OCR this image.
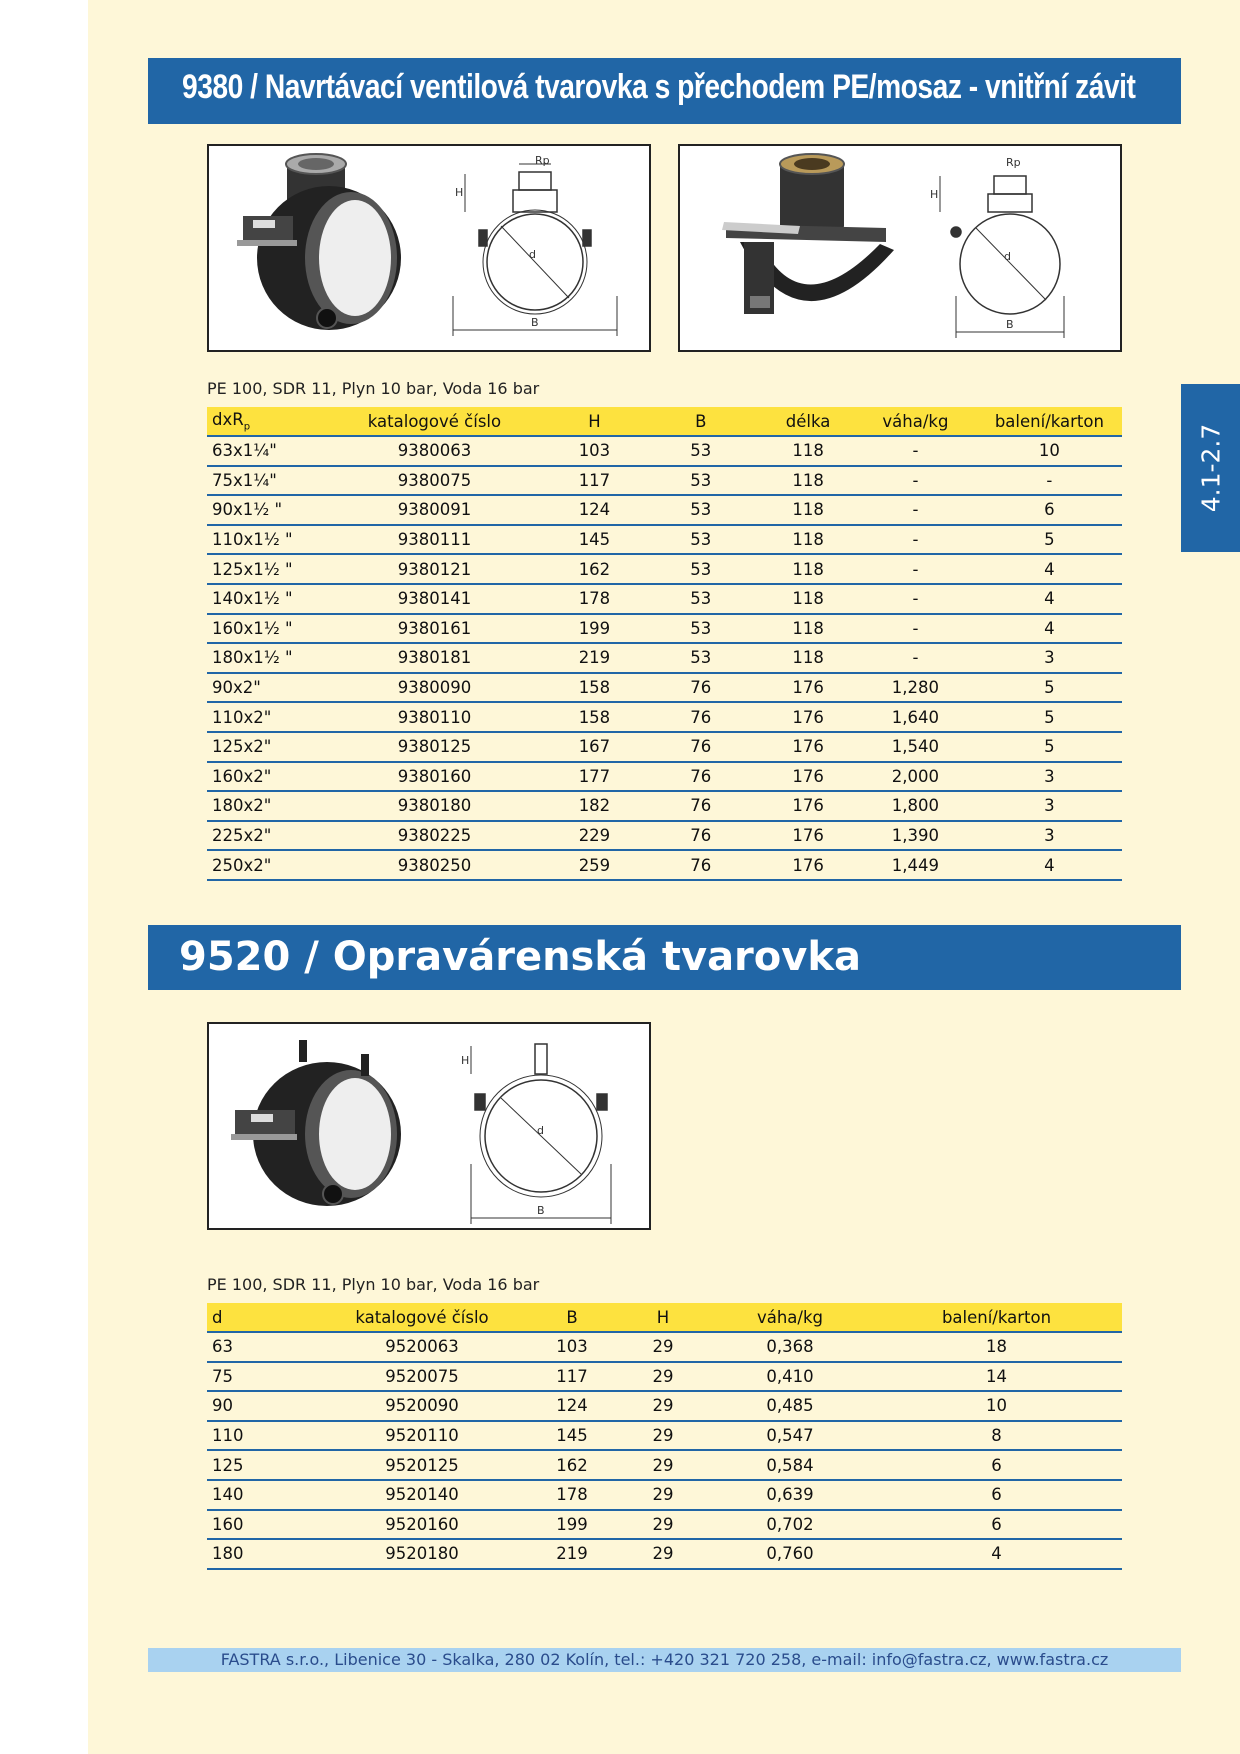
9380 / Navrtávací ventilová tvarovka s přechodem PE/mosaz - vnitřní závit
4.1-2.7
Rp
H
d
B
Rp
H
d
B
PE 100, SDR 11, Plyn 10 bar, Voda 16 bar
dxR$_p$	katalogové číslo	H	B	délka	váha/kg	balení/karton
63x1¼"	9380063	103	53	118	-	10
75x1¼"	9380075	117	53	118	-	-
90x1½ "	9380091	124	53	118	-	6
110x1½ "	9380111	145	53	118	-	5
125x1½ "	9380121	162	53	118	-	4
140x1½ "	9380141	178	53	118	-	4
160x1½ "	9380161	199	53	118	-	4
180x1½ "	9380181	219	53	118	-	3
90x2"	9380090	158	76	176	1,280	5
110x2"	9380110	158	76	176	1,640	5
125x2"	9380125	167	76	176	1,540	5
160x2"	9380160	177	76	176	2,000	3
180x2"	9380180	182	76	176	1,800	3
225x2"	9380225	229	76	176	1,390	3
250x2"	9380250	259	76	176	1,449	4
9520 / Opravárenská tvarovka
H
d
B
PE 100, SDR 11, Plyn 10 bar, Voda 16 bar
d	katalogové číslo	B	H	váha/kg	balení/karton
63	9520063	103	29	0,368	18
75	9520075	117	29	0,410	14
90	9520090	124	29	0,485	10
110	9520110	145	29	0,547	8
125	9520125	162	29	0,584	6
140	9520140	178	29	0,639	6
160	9520160	199	29	0,702	6
180	9520180	219	29	0,760	4
FASTRA s.r.o., Libenice 30 - Skalka, 280 02 Kolín, tel.: +420 321 720 258, e-mail: info@fastra.cz, www.fastra.cz
